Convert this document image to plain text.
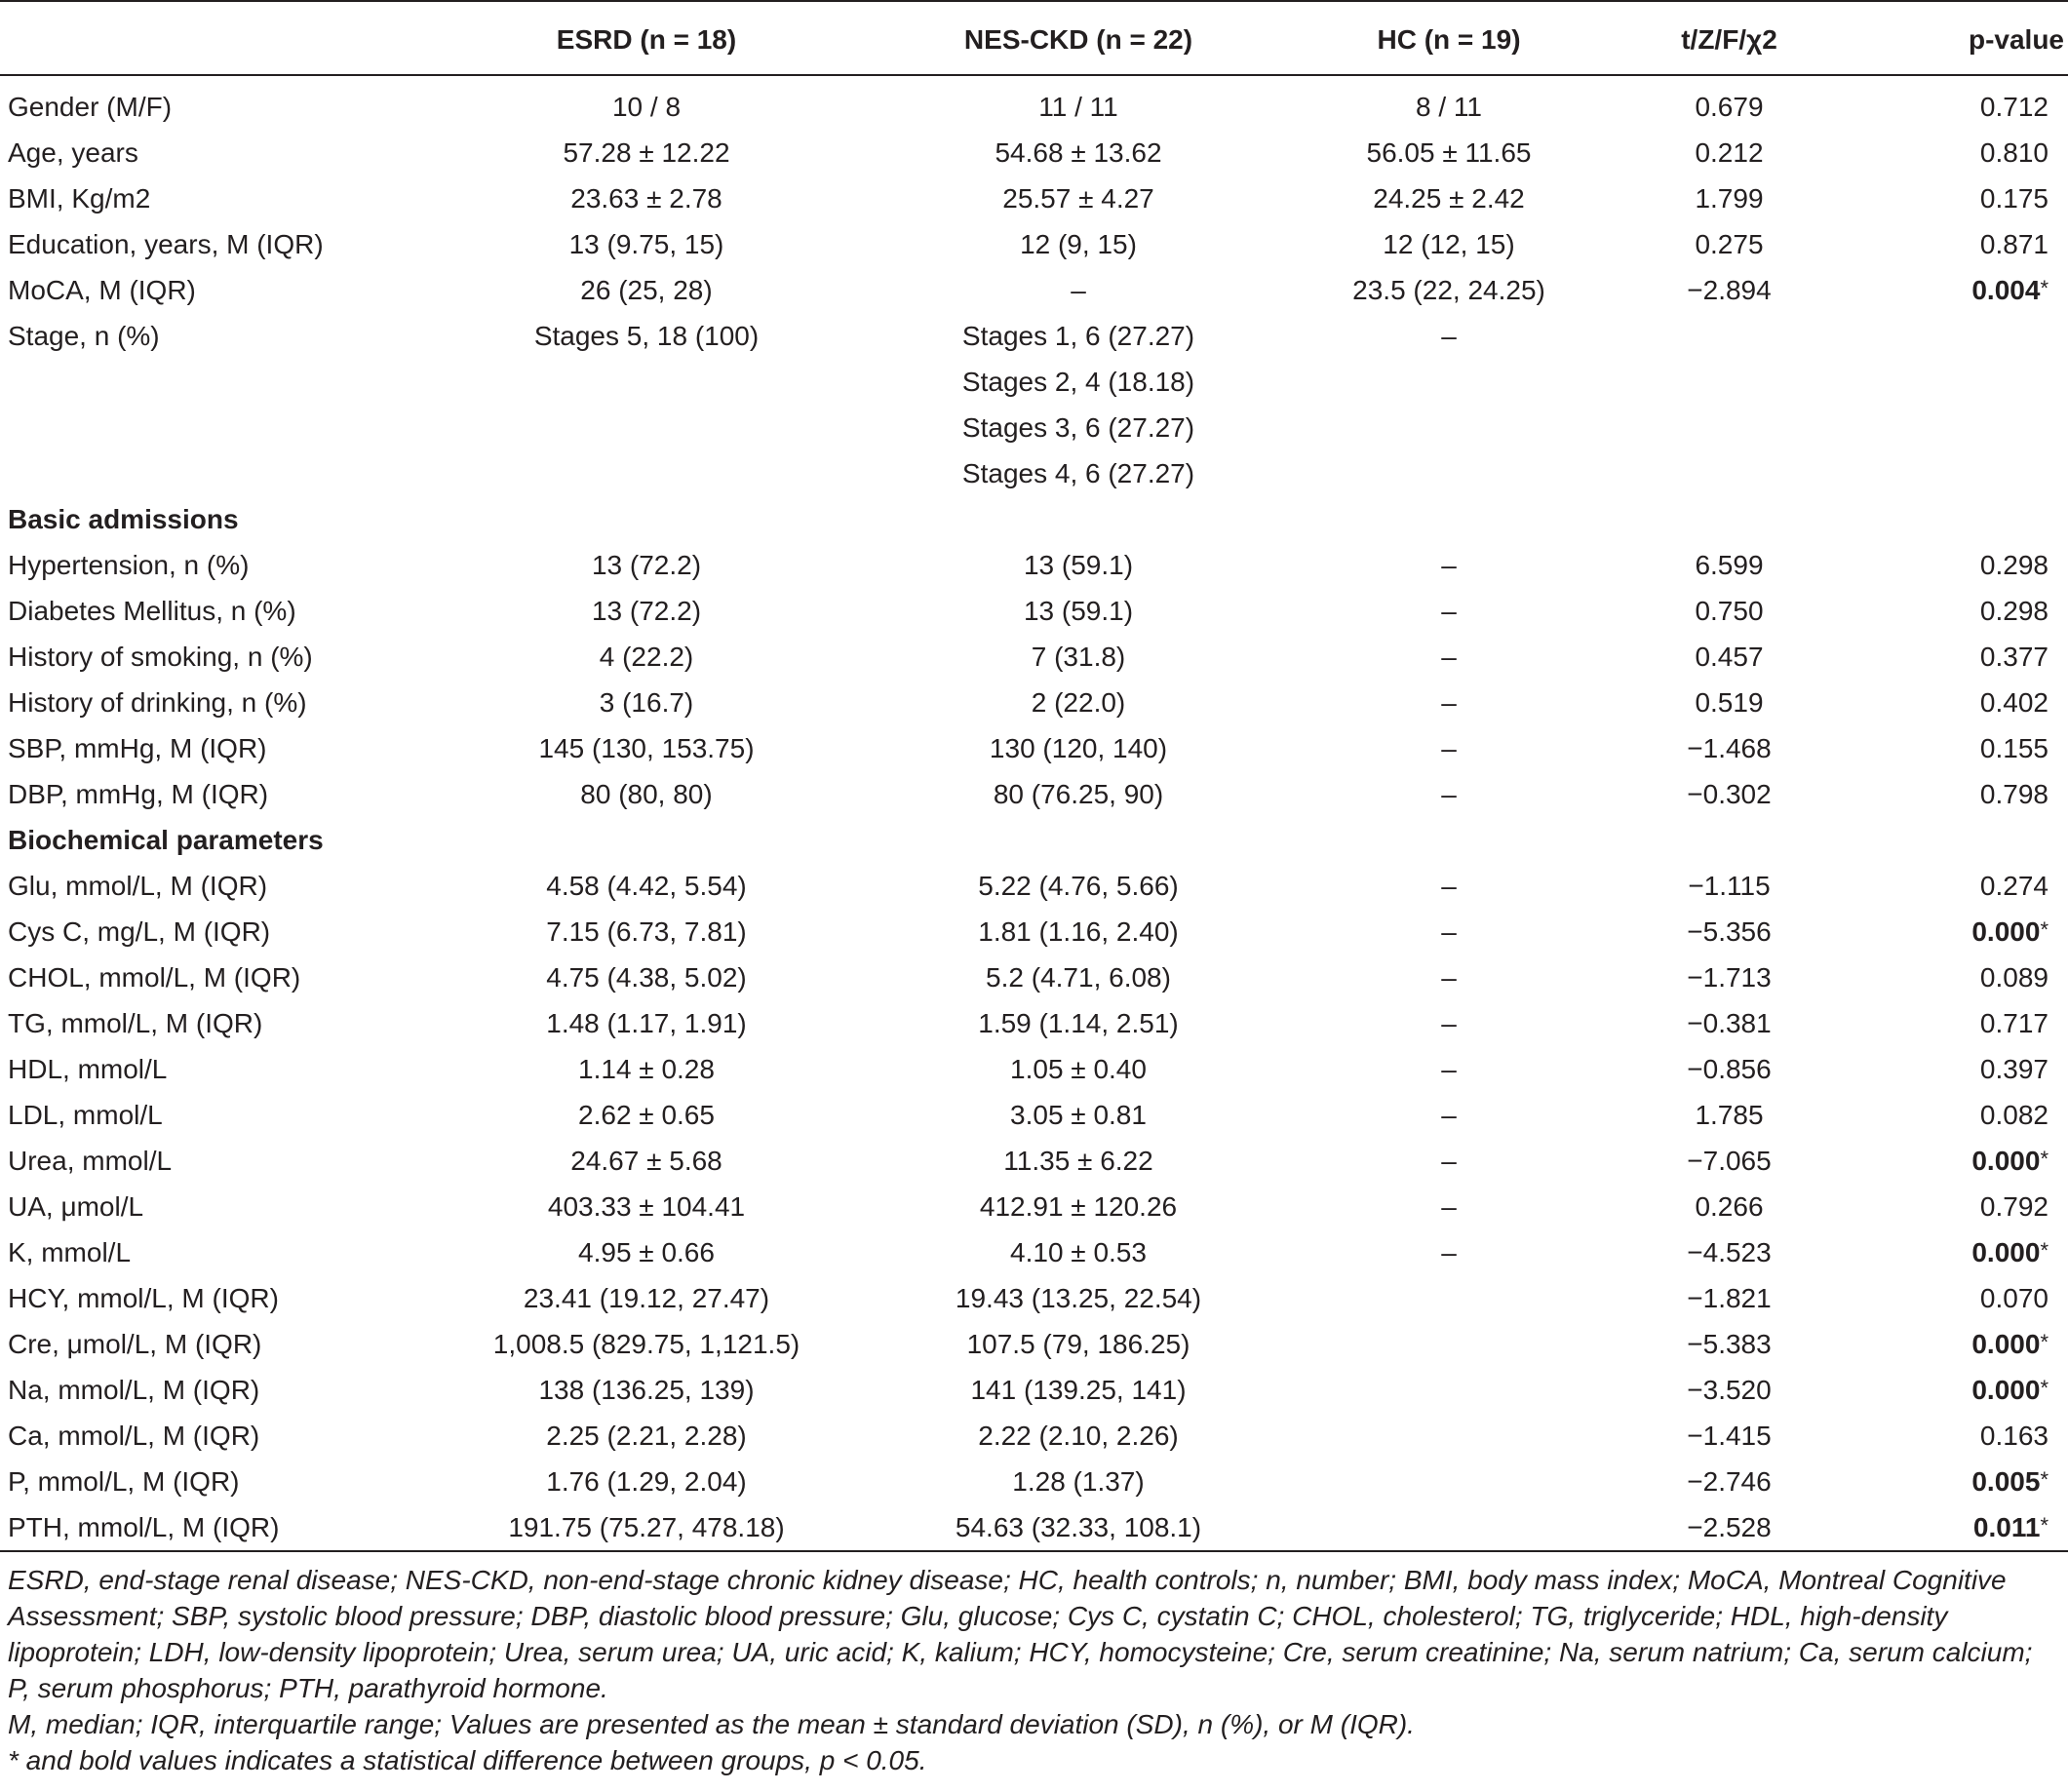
	ESRD (n = 18)	NES-CKD (n = 22)	HC (n = 19)	t/Z/F/χ2	p-value

Gender (M/F)	10 / 8	11 / 11	8 / 11	0.679	0.712
Age, years	57.28 ± 12.22	54.68 ± 13.62	56.05 ± 11.65	0.212	0.810
BMI, Kg/m2	23.63 ± 2.78	25.57 ± 4.27	24.25 ± 2.42	1.799	0.175
Education, years, M (IQR)	13 (9.75, 15)	12 (9, 15)	12 (12, 15)	0.275	0.871
MoCA, M (IQR)	26 (25, 28)	–	23.5 (22, 24.25)	−2.894	0.004*
Stage, n (%)	Stages 5, 18 (100)	Stages 1, 6 (27.27)	–		
		Stages 2, 4 (18.18)			
		Stages 3, 6 (27.27)			
		Stages 4, 6 (27.27)			
Basic admissions					
Hypertension, n (%)	13 (72.2)	13 (59.1)	–	6.599	0.298
Diabetes Mellitus, n (%)	13 (72.2)	13 (59.1)	–	0.750	0.298
History of smoking, n (%)	4 (22.2)	7 (31.8)	–	0.457	0.377
History of drinking, n (%)	3 (16.7)	2 (22.0)	–	0.519	0.402
SBP, mmHg, M (IQR)	145 (130, 153.75)	130 (120, 140)	–	−1.468	0.155
DBP, mmHg, M (IQR)	80 (80, 80)	80 (76.25, 90)	–	−0.302	0.798
Biochemical parameters					
Glu, mmol/L, M (IQR)	4.58 (4.42, 5.54)	5.22 (4.76, 5.66)	–	−1.115	0.274
Cys C, mg/L, M (IQR)	7.15 (6.73, 7.81)	1.81 (1.16, 2.40)	–	−5.356	0.000*
CHOL, mmol/L, M (IQR)	4.75 (4.38, 5.02)	5.2 (4.71, 6.08)	–	−1.713	0.089
TG, mmol/L, M (IQR)	1.48 (1.17, 1.91)	1.59 (1.14, 2.51)	–	−0.381	0.717
HDL, mmol/L	1.14 ± 0.28	1.05 ± 0.40	–	−0.856	0.397
LDL, mmol/L	2.62 ± 0.65	3.05 ± 0.81	–	1.785	0.082
Urea, mmol/L	24.67 ± 5.68	11.35 ± 6.22	–	−7.065	0.000*
UA, μmol/L	403.33 ± 104.41	412.91 ± 120.26	–	0.266	0.792
K, mmol/L	4.95 ± 0.66	4.10 ± 0.53	–	−4.523	0.000*
HCY, mmol/L, M (IQR)	23.41 (19.12, 27.47)	19.43 (13.25, 22.54)		−1.821	0.070
Cre, μmol/L, M (IQR)	1,008.5 (829.75, 1,121.5)	107.5 (79, 186.25)		−5.383	0.000*
Na, mmol/L, M (IQR)	138 (136.25, 139)	141 (139.25, 141)		−3.520	0.000*
Ca, mmol/L, M (IQR)	2.25 (2.21, 2.28)	2.22 (2.10, 2.26)		−1.415	0.163
P, mmol/L, M (IQR)	1.76 (1.29, 2.04)	1.28 (1.37)		−2.746	0.005*
PTH, mmol/L, M (IQR)	191.75 (75.27, 478.18)	54.63 (32.33, 108.1)		−2.528	0.011*

ESRD, end-stage renal disease; NES-CKD, non-end-stage chronic kidney disease; HC, health controls; n, number; BMI, body mass index; MoCA, Montreal Cognitive Assessment; SBP, systolic blood pressure; DBP, diastolic blood pressure; Glu, glucose; Cys C, cystatin C; CHOL, cholesterol; TG, triglyceride; HDL, high-density lipoprotein; LDH, low-density lipoprotein; Urea, serum urea; UA, uric acid; K, kalium; HCY, homocysteine; Cre, serum creatinine; Na, serum natrium; Ca, serum calcium; P, serum phosphorus; PTH, parathyroid hormone.

M, median; IQR, interquartile range; Values are presented as the mean ± standard deviation (SD), n (%), or M (IQR).

* and bold values indicates a statistical difference between groups, p < 0.05.
